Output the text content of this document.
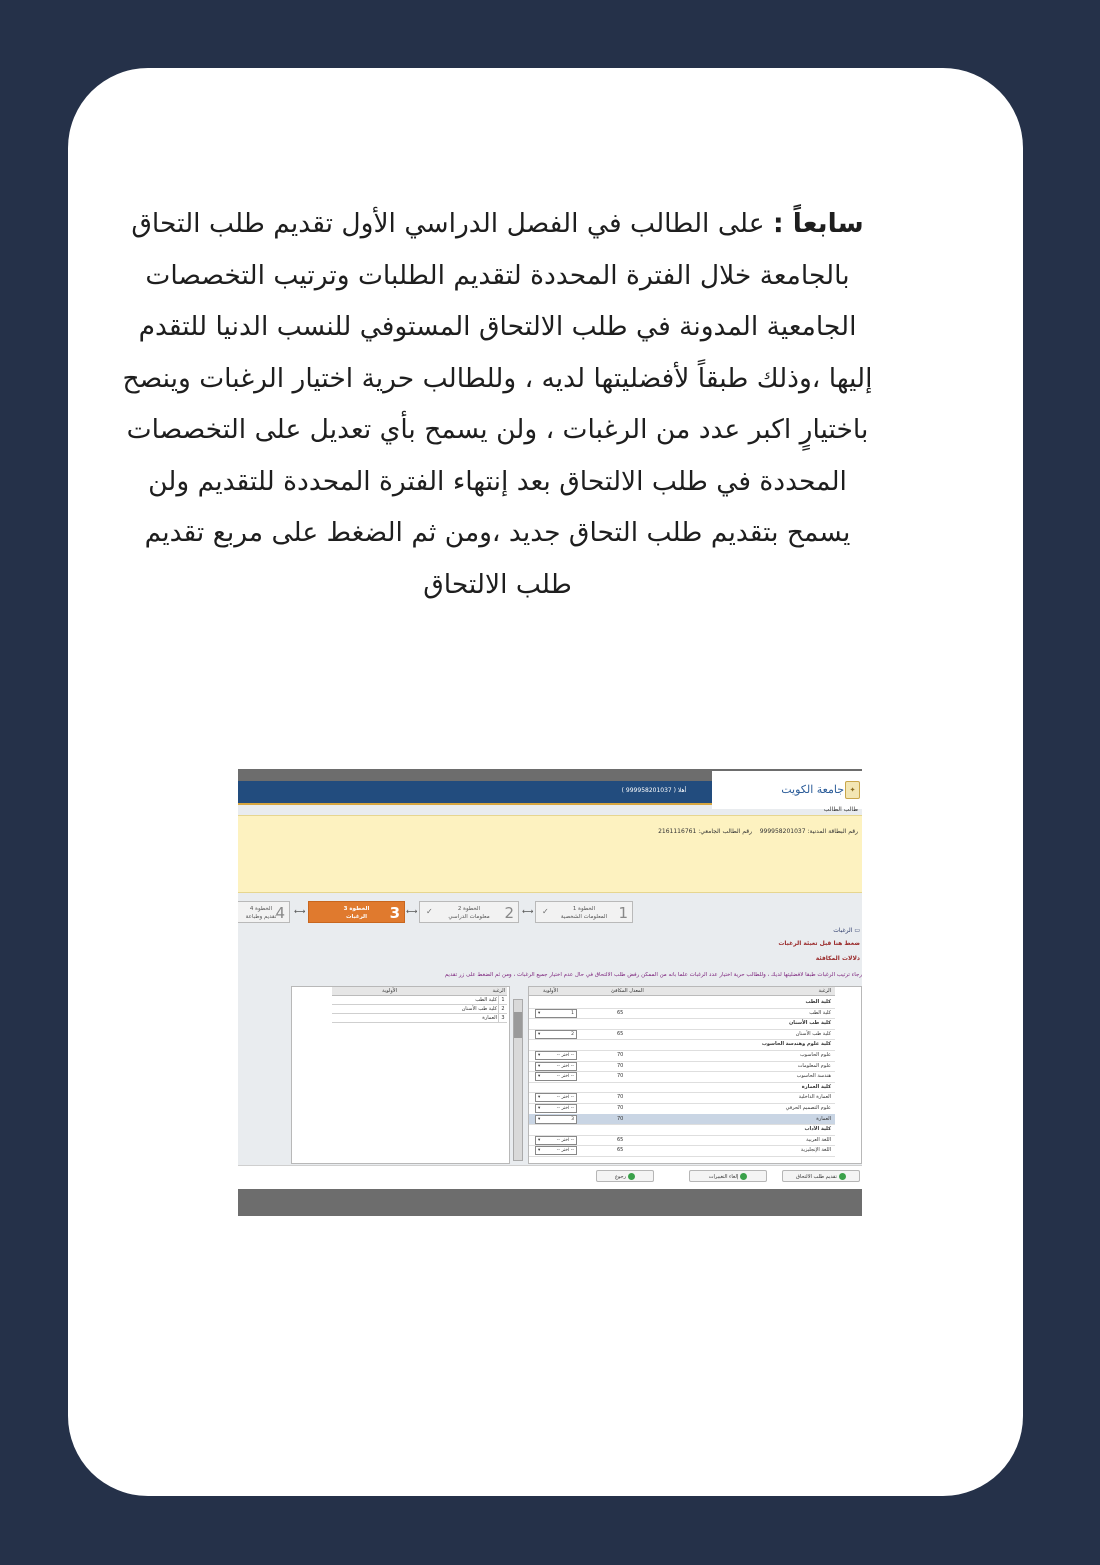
سابعاً : على الطالب في الفصل الدراسي الأول تقديم طلب التحاق بالجامعة خلال الفترة المحددة لتقديم الطلبات وترتيب التخصصات الجامعية المدونة في طلب الالتحاق المستوفي للنسب الدنيا للتقدم إليها ،وذلك طبقاً لأفضليتها لديه ، وللطالب حرية اختيار الرغبات وينصح باختيارٍ اكبر عدد من الرغبات ، ولن يسمح بأي تعديل على التخصصات المحددة في طلب الالتحاق بعد إنتهاء الفترة المحددة للتقديم ولن يسمح بتقديم طلب التحاق جديد ،ومن ثم الضغط على مربع تقديم طلب الالتحاق

✦
جامعة الكويت
أهلا ( 999958201037 )
طالب الطالب
رقم البطاقة المدنية: 999958201037    رقم الطالب الجامعي: 2161116761
1
الخطوة 1
المعلومات الشخصية
✓
⟷
2
الخطوة 2
معلومات الدراسي
✓
⟷
3
الخطوة 3
الرغبات
⟷
4
الخطوة 4
تقديم وطباعة
▭ الرغبات
ضغط هنا قبل تعبئة الرغبات
دلالات المكافئة
رجاء ترتيب الرغبات طبقا لأفضليتها لديك ، وللطالب حرية اختيار عدد الرغبات علماً بأنه من الممكن رفض طلب الالتحاق في حال عدم اختيار جميع الرغبات ، ومن ثم الضغط على زر تقديم
الرغبة
الأولوية
1
كلية الطب
2
كلية طب الأسنان
3
العمارة
الرغبة
المعدل المكافئ
الأولوية
كلية الطب
كلية الطب
65
1
▾
كلية طب الأسنان
كلية طب الأسنان
65
2
▾
كلية علوم وهندسة الحاسوب
علوم الحاسوب
70
-- اختر --
▾
علوم المعلومات
70
-- اختر --
▾
هندسة الحاسوب
70
-- اختر --
▾
كلية العمارة
العمارة الداخلية
70
-- اختر --
▾
علوم التصميم الحرفي
70
-- اختر --
▾
العمارة
70
3
▾
كلية الآداب
اللغة العربية
65
-- اختر --
▾
اللغة الإنجليزية
65
-- اختر --
▾
تقديم طلب الالتحاق
إلغاء التغييرات
رجوع
